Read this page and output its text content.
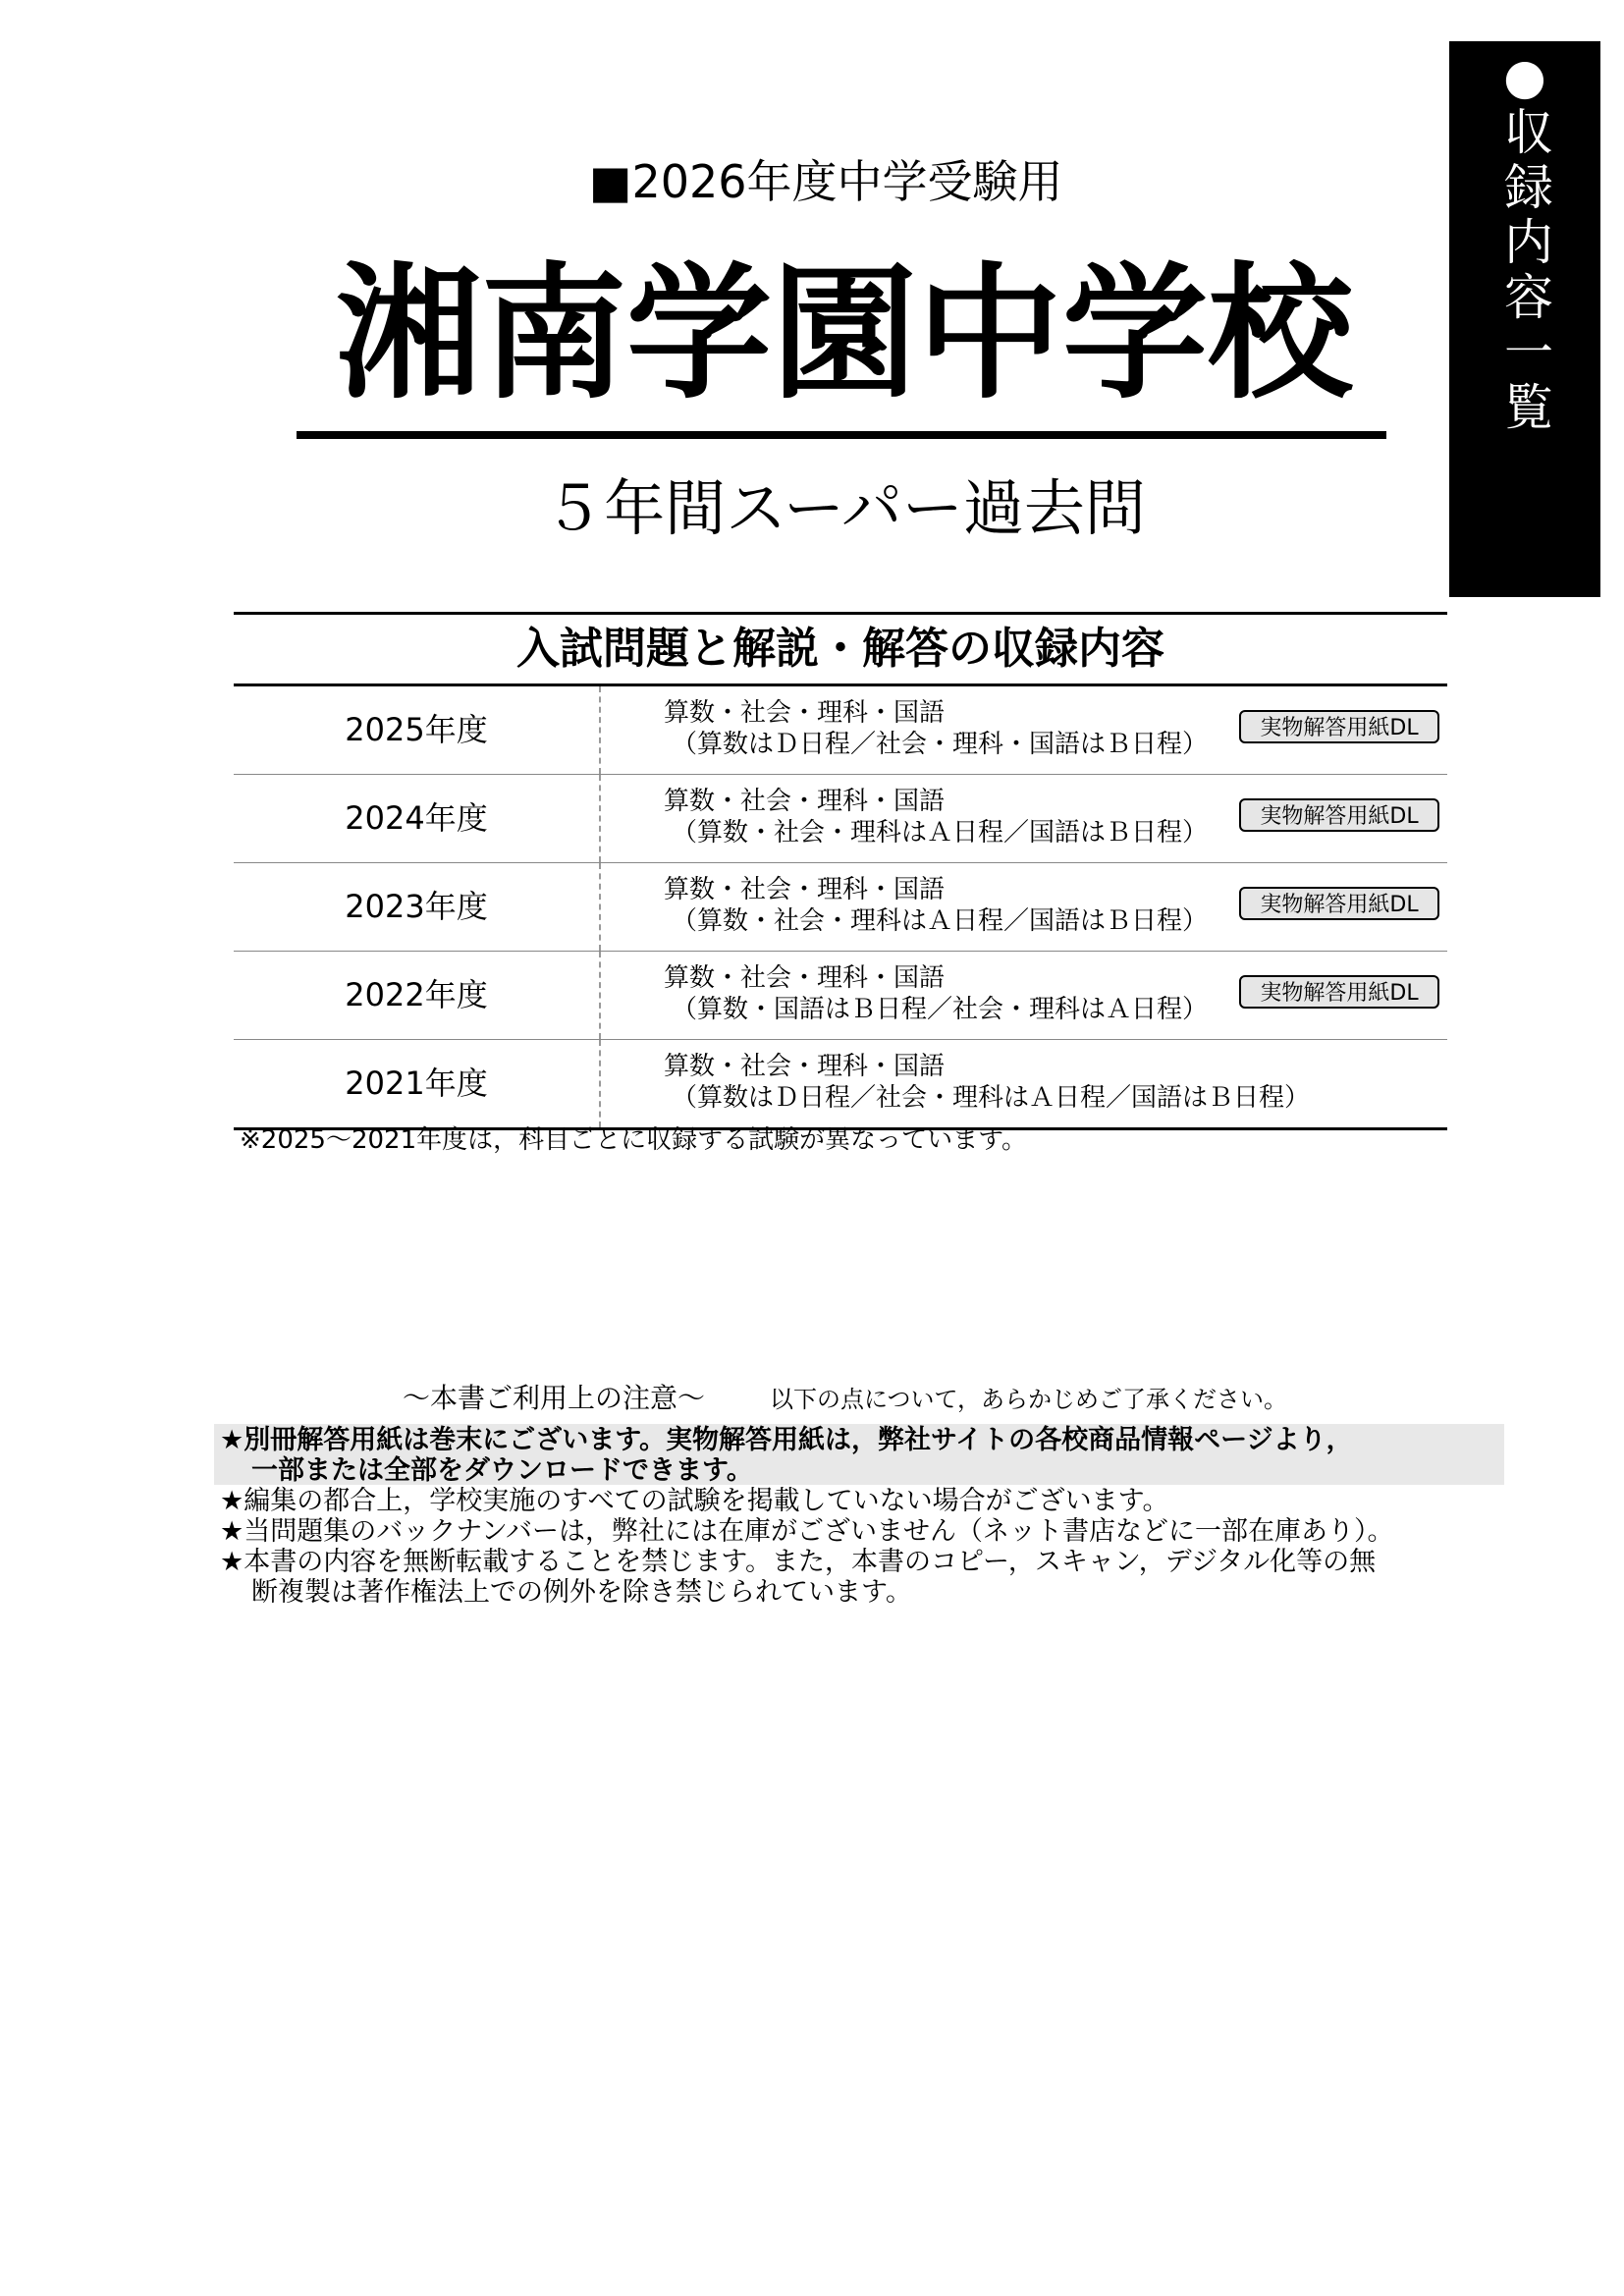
●
収録内容一覧
■2026年度中学受験用
湘南学園中学校
５年間スーパー過去問
入試問題と解説・解答の収録内容
2025年度	算数・社会・理科・国語
（算数はＤ日程／社会・理科・国語はＢ日程）
実物解答用紙DL
2024年度	算数・社会・理科・国語
（算数・社会・理科はＡ日程／国語はＢ日程）
実物解答用紙DL
2023年度	算数・社会・理科・国語
（算数・社会・理科はＡ日程／国語はＢ日程）
実物解答用紙DL
2022年度	算数・社会・理科・国語
（算数・国語はＢ日程／社会・理科はＡ日程）
実物解答用紙DL
2021年度	算数・社会・理科・国語
（算数はＤ日程／社会・理科はＡ日程／国語はＢ日程）
※2025～2021年度は，科目ごとに収録する試験が異なっています。
～本書ご利用上の注意～	以下の点について，あらかじめご了承ください。
★別冊解答用紙は巻末にございます。実物解答用紙は，弊社サイトの各校商品情報ページより，
一部または全部をダウンロードできます。
★編集の都合上，学校実施のすべての試験を掲載していない場合がございます。
★当問題集のバックナンバーは，弊社には在庫がございません（ネット書店などに一部在庫あり）。
★本書の内容を無断転載することを禁じます。また，本書のコピー，スキャン，デジタル化等の無
断複製は著作権法上での例外を除き禁じられています。
